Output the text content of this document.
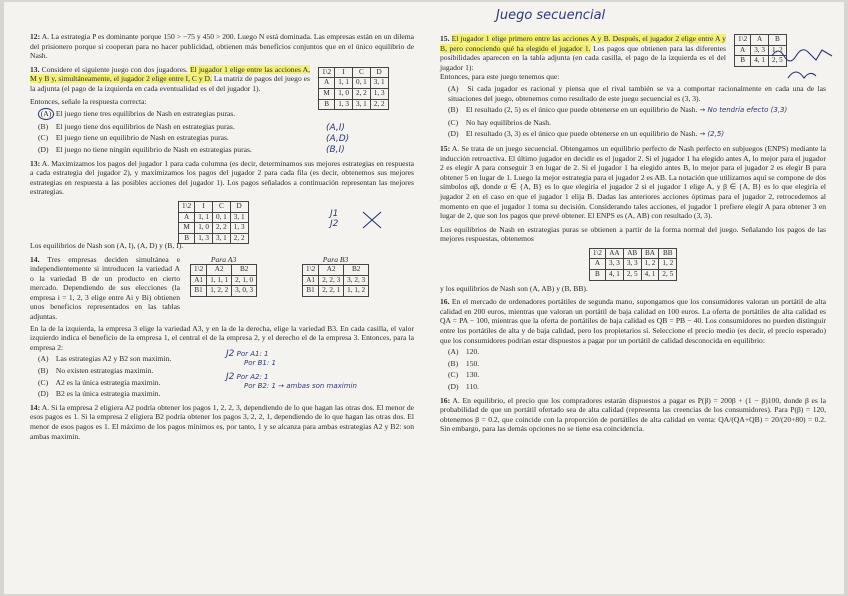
Juego secuencial

12: A. La estrategia P es dominante porque 150 > −75 y 450 > 200. Luego N está dominada. Las empresas están en un dilema del prisionero porque si cooperan para no hacer publicidad, obtienen más beneficios conjuntos que en el único equilibrio de Nash.

13. Considere el siguiente juego con dos jugadores. El jugador 1 elige entre las acciones A, M y B y, simultáneamente, el jugador 2 elige entre I, C y D. La matriz de pagos del juego es la adjunta (el pago de la izquierda en cada eventualidad es el del jugador 1).
1\2	I	C	D
A	1, 1	0, 1	3, 1
M	1, 0	2, 2	1, 3
B	1, 3	3, 1	2, 2
Entonces, señale la respuesta correcta:
(A) El juego tiene tres equilibrios de Nash en estrategias puras.
(B) El juego tiene dos equilibrios de Nash en estrategias puras.
(C) El juego tiene un equilibrio de Nash en estrategias puras.
(D) El juego no tiene ningún equilibrio de Nash en estrategias puras.
(A,I)
(A,D)
(B,I)

13: A. Maximizamos los pagos del jugador 1 para cada columna (es decir, determinamos sus mejores estrategias en respuesta a cada estrategia del jugador 2), y maximizamos los pagos del jugador 2 para cada fila (es decir, obtenemos sus mejores estrategias en respuesta a las posibles acciones del jugador 1). Los pagos señalados a continuación representan las mejores estrategias.

1\2	I	C	D
A	1, 1	0, 1	3, 1
M	1, 0	2, 2	1, 3
B	1, 3	3, 1	2, 2
J1
J2

Los equilibrios de Nash son (A, I), (A, D) y (B, I).

14. Tres empresas deciden simultánea e independientemente si introducen la variedad A o la variedad B de un producto en cierto mercado. Dependiendo de sus elecciones (la empresa i = 1, 2, 3 elige entre Ai y Bi) obtienen unos beneficios representados en las tablas adjuntas.
Para A3
1\2	A2	B2
A1	1, 1, 1	2, 1, 0
B1	1, 2, 2	3, 0, 3
Para B3
1\2	A2	B2
A1	2, 2, 3	3, 2, 3
B1	2, 2, 1	1, 1, 2
En la de la izquierda, la empresa 3 elige la variedad A3, y en la de la derecha, elige la variedad B3. En cada casilla, el valor izquierdo indica el beneficio de la empresa 1, el central el de la empresa 2, y el derecho el de la empresa 3. Entonces, para la empresa 2:
(A) Las estrategias A2 y B2 son maximin.
(B) No existen estrategias maximin.
(C) A2 es la única estrategia maximin.
(D) B2 es la única estrategia maximin.
J2 Por A1: 1
Por B1: 1
J2 Por A2: 1
Por B2: 1 → ambas son maximin

14: A. Si la empresa 2 eligiera A2 podría obtener los pagos 1, 2, 2, 3, dependiendo de lo que hagan las otras dos. El menor de esos pagos es 1. Si la empresa 2 eligiera B2 podría obtener los pagos 3, 2, 2, 1, dependiendo de lo que hagan las otras dos. El menor de esos pagos es 1. El máximo de los pagos mínimos es, por tanto, 1 y se alcanza para ambas estrategias A2 y B2: son ambas maximin.

15. El jugador 1 elige primero entre las acciones A y B. Después, el jugador 2 elige entre A y B, pero conociendo qué ha elegido el jugador 1. Los pagos que obtienen para las diferentes posibilidades aparecen en la tabla adjunta (en cada casilla, el pago de la izquierda es el del jugador 1):
1\2	A	B
A	3, 3	1, 2
B	4, 1	2, 5
Entonces, para este juego tenemos que:
(A) Si cada jugador es racional y piensa que el rival también se va a comportar racionalmente en cada una de las situaciones del juego, obtenemos como resultado de este juego secuencial es (3, 3).
(B) El resultado (2, 5) es el único que puede obtenerse en un equilibrio de Nash. → No tendría efecto (3,3)
(C) No hay equilibrios de Nash.
(D) El resultado (3, 3) es el único que puede obtenerse en un equilibrio de Nash. → (2,5)

15: A. Se trata de un juego secuencial. Obtengamos un equilibrio perfecto de Nash perfecto en subjuegos (ENPS) mediante la inducción retroactiva. El último jugador en decidir es el jugador 2. Si el jugador 1 ha elegido antes A, lo mejor para el jugador 2 es elegir A para conseguir 3 en lugar de 2. Si el jugador 1 ha elegido antes B, lo mejor para el jugador 2 es elegir B para obtener 5 en lugar de 1. Luego la mejor estrategia para el jugador 2 es AB. La notación que utilizamos aquí se compone de dos símbolos αβ, donde α ∈ {A, B} es lo que elegiría el jugador 2 si el jugador 1 elige A, y β ∈ {A, B} es lo que elegiría el jugador 2 en el caso en que el jugador 1 elija B. Dadas las anteriores acciones óptimas para el jugador 2, retrocedemos al momento en que el jugador 1 toma su decisión. Considerando tales acciones, el jugador 1 prefiere elegir A para obtener 3 en lugar de 2, que son los pagos que prevé obtener. El ENPS es (A, AB) con resultado (3, 3).

Los equilibrios de Nash en estrategias puras se obtienen a partir de la forma normal del juego. Señalando los pagos de las mejores respuestas, obtenemos

1\2	AA	AB	BA	BB
A	3, 3	3, 3	1, 2	1, 2
B	4, 1	2, 5	4, 1	2, 5

y los equilibrios de Nash son (A, AB) y (B, BB).

16. En el mercado de ordenadores portátiles de segunda mano, supongamos que los consumidores valoran un portátil de alta calidad en 200 euros, mientras que valoran un portátil de baja calidad en 100 euros. La oferta de portátiles de alta calidad es QA = PA − 100, mientras que la oferta de portátiles de baja calidad es QB = PB − 40. Los consumidores no pueden distinguir entre los portátiles de alta y de baja calidad, pero los propietarios sí. Seleccione el precio medio (es decir, el precio esperado) que los consumidores podrían estar dispuestos a pagar por un portátil de calidad desconocida en equilibrio:
(A) 120.
(B) 150.
(C) 130.
(D) 110.

16: A. En equilibrio, el precio que los compradores estarán dispuestos a pagar es P(β) = 200β + (1 − β)100, donde β es la probabilidad de que un portátil ofertado sea de alta calidad (representa las creencias de los consumidores). Para P(β) = 120, obtenemos β = 0.2, que coincide con la proporción de portátiles de alta calidad en venta: QA/(QA+QB) = 20/(20+80) = 0.2. Sin embargo, para las demás opciones no se tiene esa coincidencia.
